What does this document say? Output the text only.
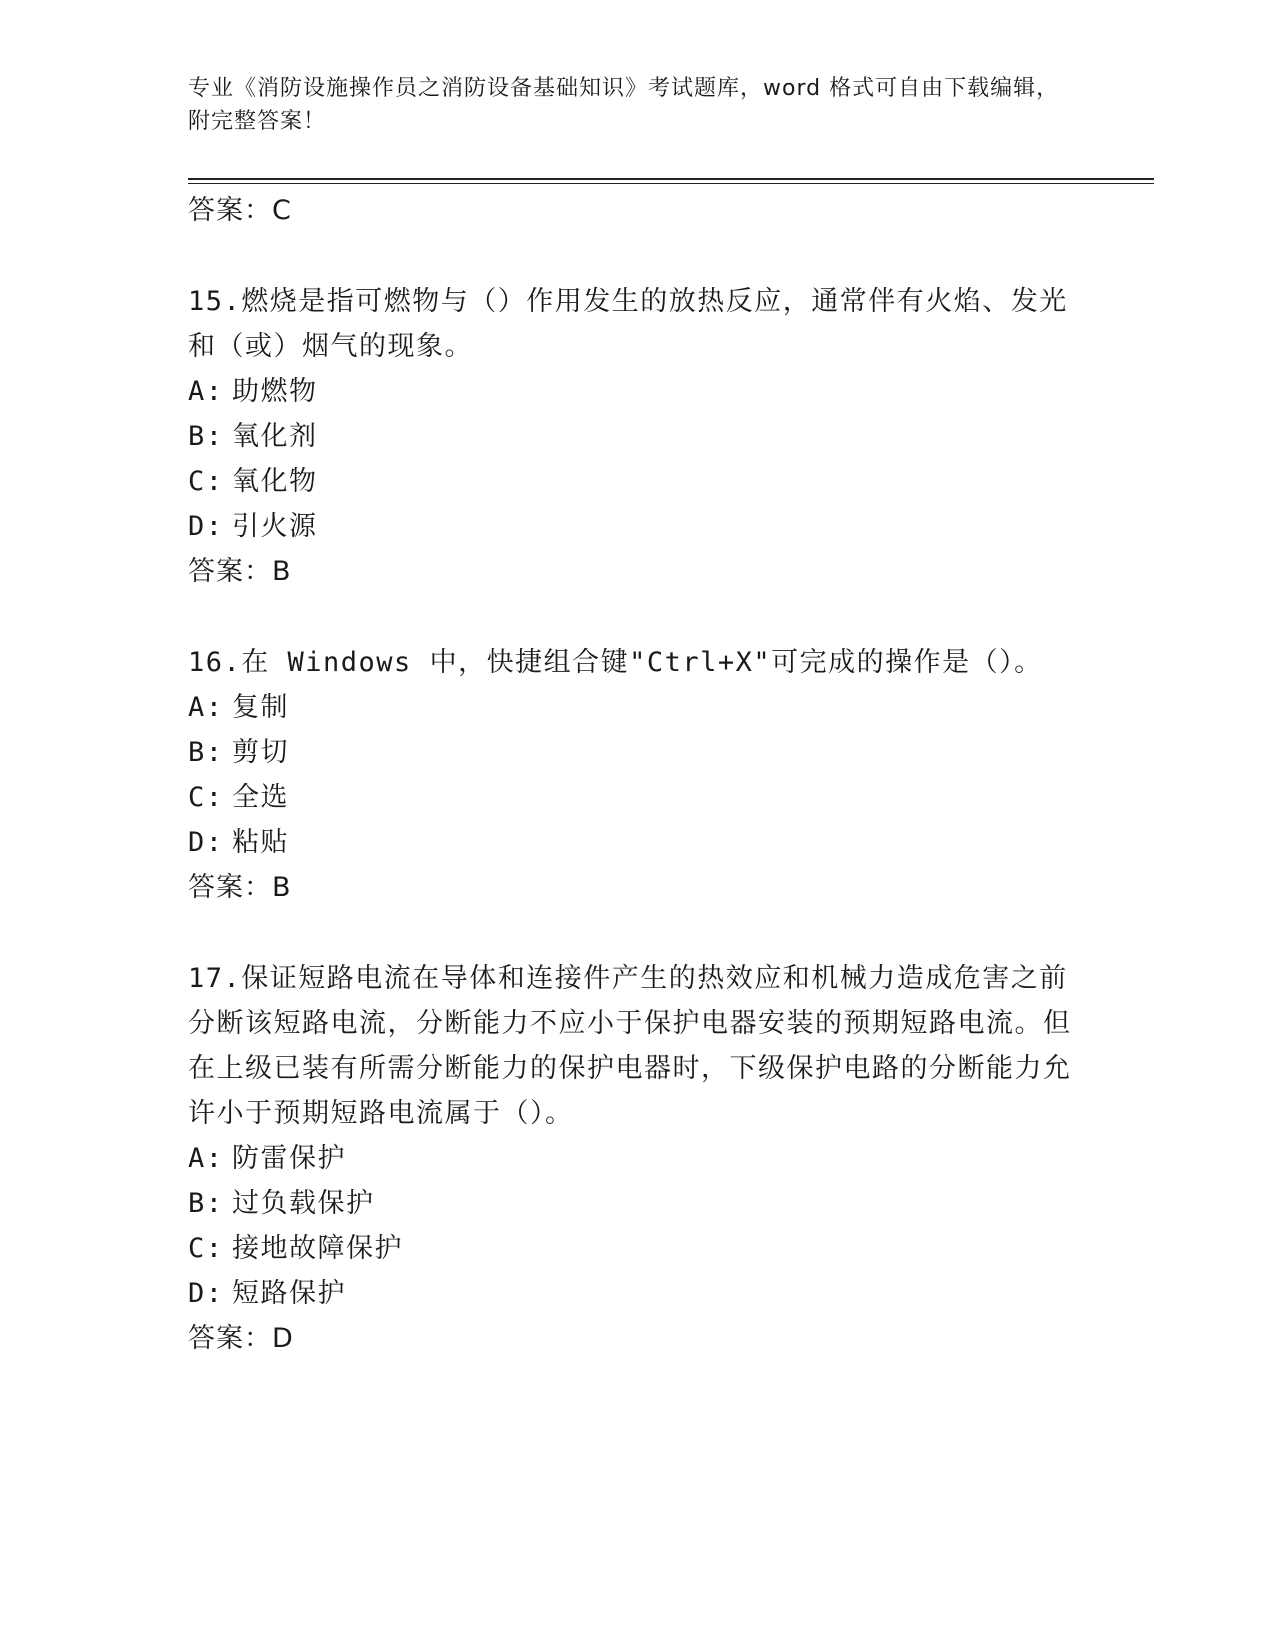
专业《消防设施操作员之消防设备基础知识》考试题库，word 格式可自由下载编辑，附完整答案！

答案：C

15.燃烧是指可燃物与（）作用发生的放热反应，通常伴有火焰、发光和（或）烟气的现象。

A: 助燃物

B: 氧化剂

C: 氧化物

D: 引火源

答案：B

16.在 Windows 中，快捷组合键"Ctrl+X"可完成的操作是（）。

A: 复制

B: 剪切

C: 全选

D: 粘贴

答案：B

17.保证短路电流在导体和连接件产生的热效应和机械力造成危害之前分断该短路电流，分断能力不应小于保护电器安装的预期短路电流。但在上级已装有所需分断能力的保护电器时，下级保护电路的分断能力允许小于预期短路电流属于（）。

A: 防雷保护

B: 过负载保护

C: 接地故障保护

D: 短路保护

答案：D
